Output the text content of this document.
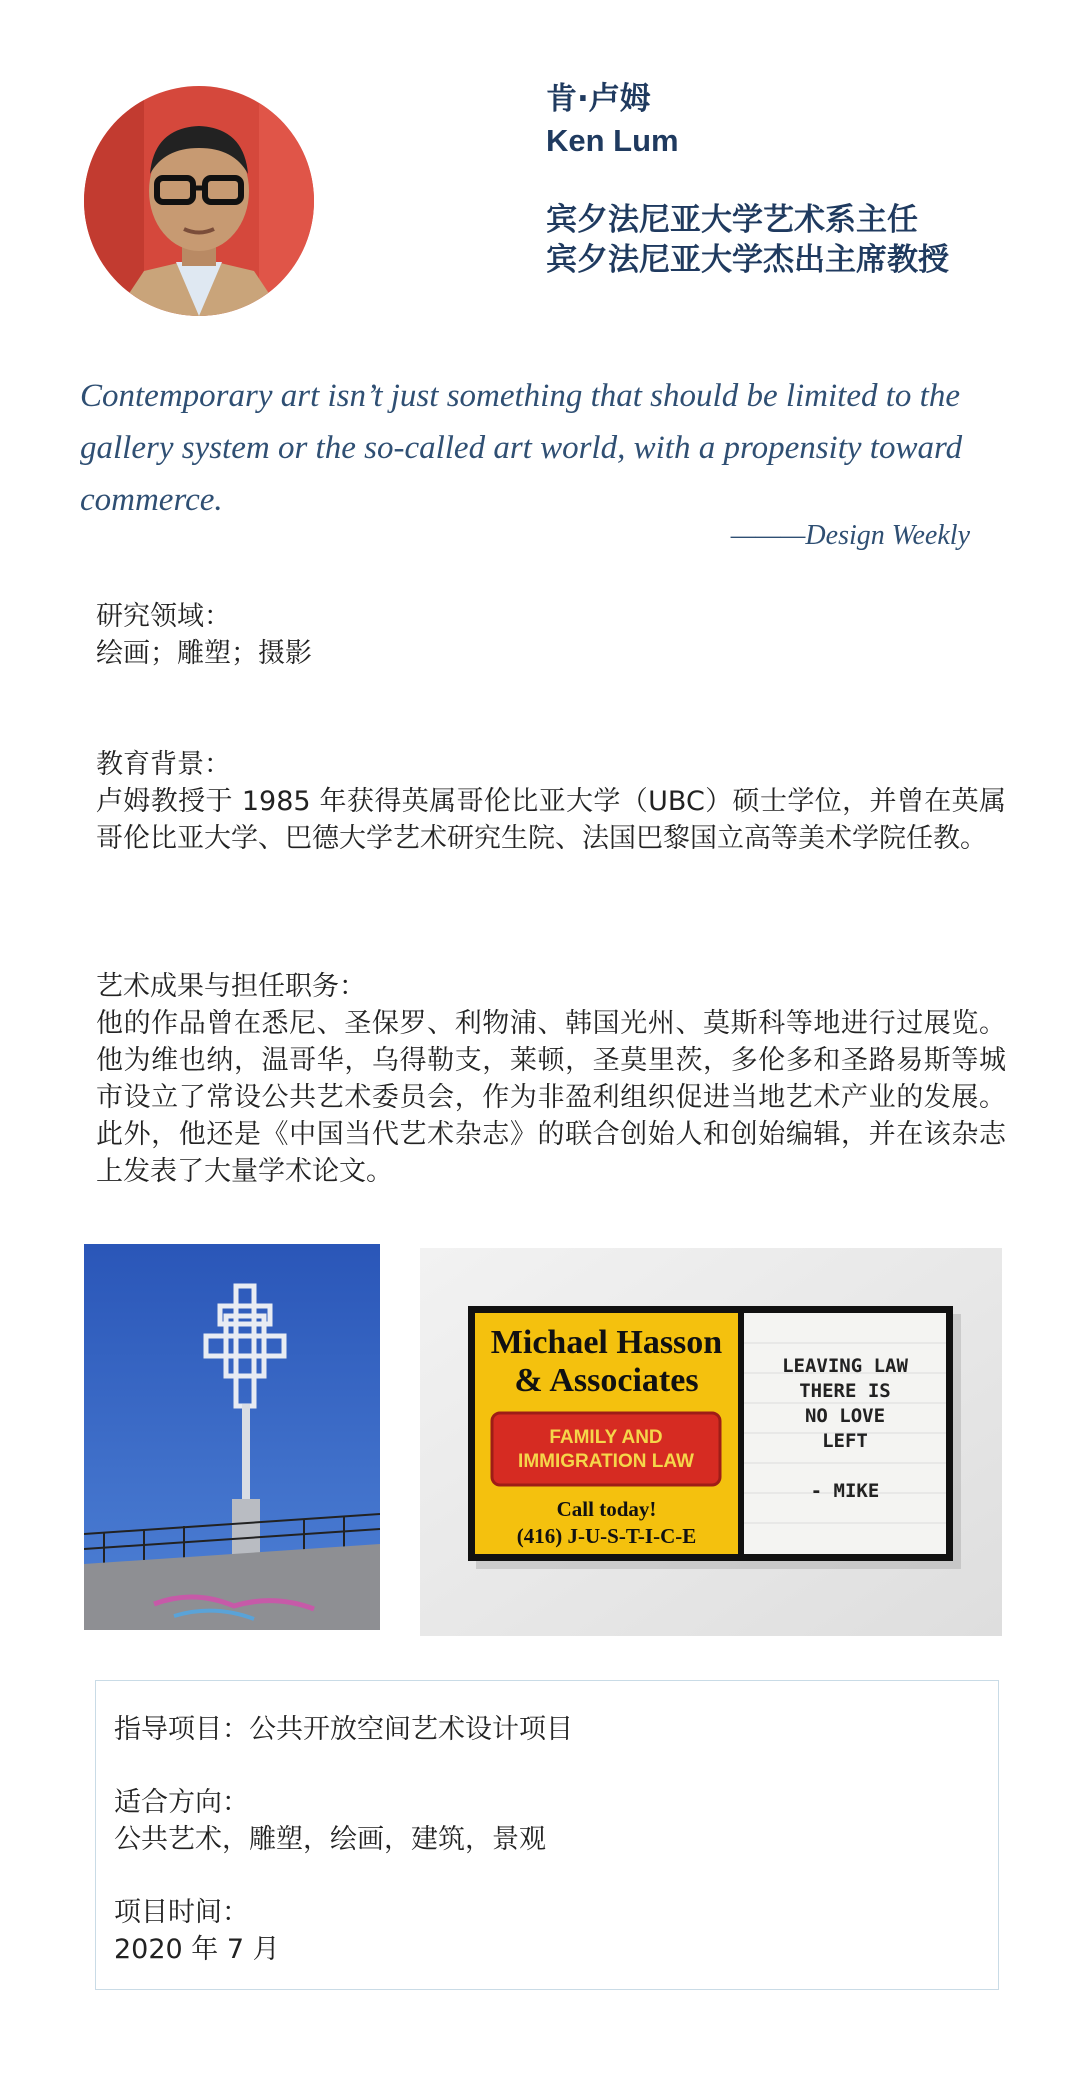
肯·卢姆
Ken Lum
宾夕法尼亚大学艺术系主任
宾夕法尼亚大学杰出主席教授
Contemporary art isn’t just something that should be limited to the gallery system or the so-called art world, with a propensity toward commerce.
———Design Weekly
研究领域：
绘画；雕塑；摄影
教育背景：
卢姆教授于 1985 年获得英属哥伦比亚大学（UBC）硕士学位，并曾在英属哥伦比亚大学、巴德大学艺术研究生院、法国巴黎国立高等美术学院任教。
艺术成果与担任职务：
他的作品曾在悉尼、圣保罗、利物浦、韩国光州、莫斯科等地进行过展览。他为维也纳，温哥华，乌得勒支，莱顿，圣莫里茨，多伦多和圣路易斯等城市设立了常设公共艺术委员会，作为非盈利组织促进当地艺术产业的发展。此外，他还是《中国当代艺术杂志》的联合创始人和创始编辑，并在该杂志上发表了大量学术论文。
Michael Hasson
& Associates
FAMILY AND
IMMIGRATION LAW
Call today!
(416) J-U-S-T-I-C-E
LEAVING LAW
THERE IS
NO LOVE
LEFT
- MIKE
指导项目：公共开放空间艺术设计项目
适合方向：
公共艺术，雕塑，绘画，建筑，景观
项目时间：
2020 年 7 月
